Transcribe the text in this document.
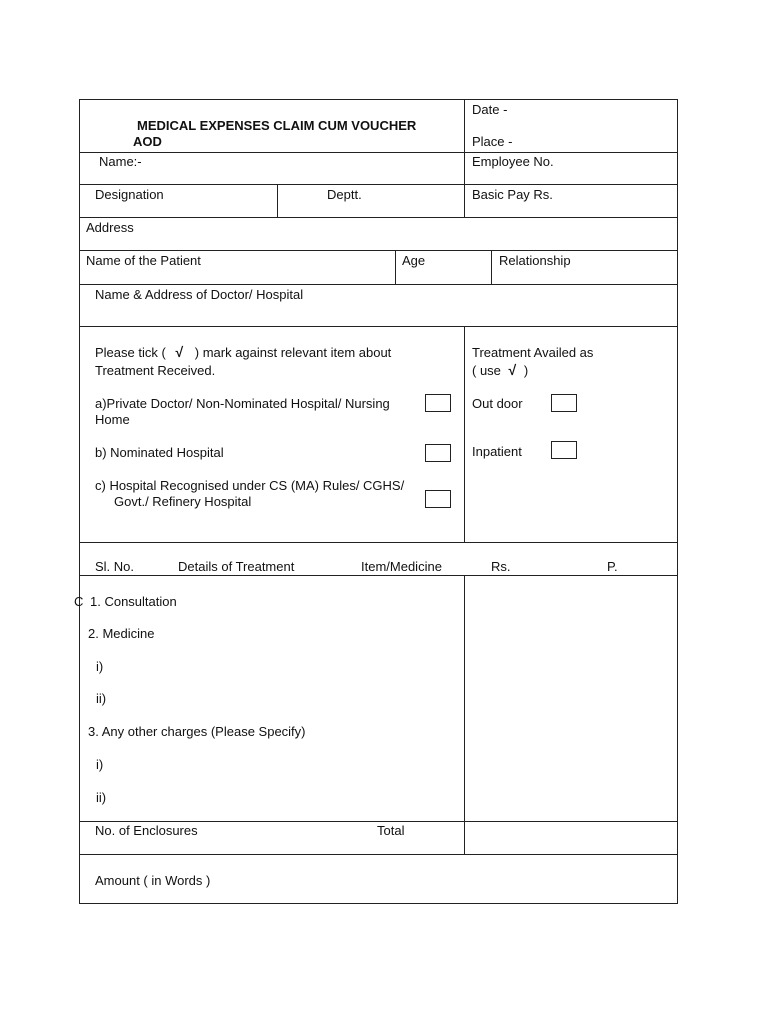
MEDICAL EXPENSES CLAIM CUM VOUCHER
AOD
Date -
Place -
Name:-	Employee No.
Designation	Deptt.	Basic Pay Rs.
Address
Name of the Patient	Age	Relationship
Name & Address of Doctor/ Hospital
Please tick ( √ ) mark against relevant item about
Treatment Received.
a)Private Doctor/ Non-Nominated Hospital/ Nursing
Home
b) Nominated Hospital
c) Hospital Recognised under CS (MA) Rules/ CGHS/
Govt./ Refinery Hospital
Treatment Availed as
( use √ )
Out door
Inpatient
Sl. No.	Details of Treatment	Item/Medicine	Rs.	P.
C 1. Consultation
2. Medicine
i)
ii)
3. Any other charges (Please Specify)
i)
ii)
No. of Enclosures	Total
Amount ( in Words )
